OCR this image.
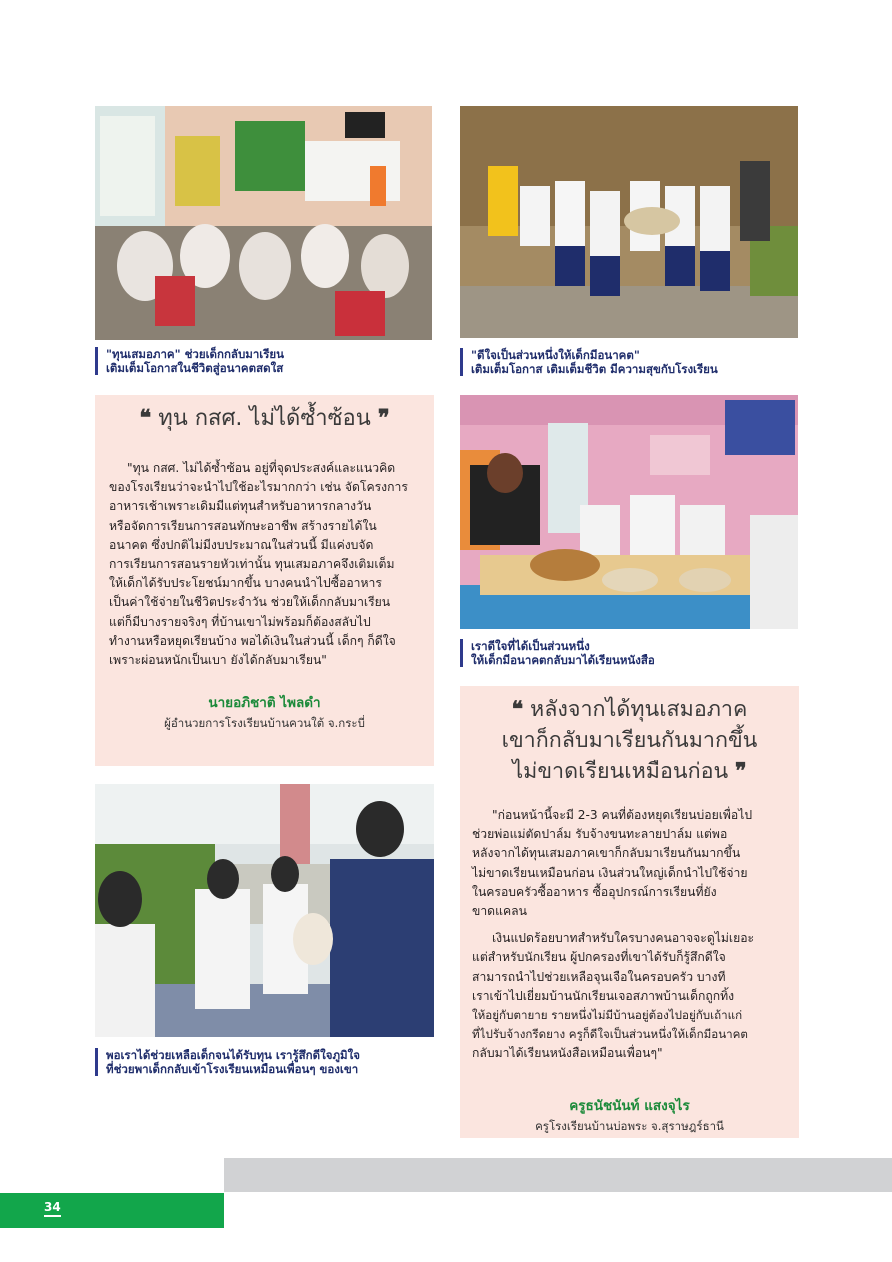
"ทุนเสมอภาค" ช่วยเด็กกลับมาเรียน
เติมเต็มโอกาสในชีวิตสู่อนาคตสดใส
"ดีใจเป็นส่วนหนึ่งให้เด็กมีอนาคต"
เติมเต็มโอกาส เติมเต็มชีวิต มีความสุขกับโรงเรียน
❝ ทุน กสศ. ไม่ได้ซ้ำซ้อน ❞
"ทุน กสศ. ไม่ได้ซ้ำซ้อน อยู่ที่จุดประสงค์และแนวคิด
ของโรงเรียนว่าจะนำไปใช้อะไรมากกว่า เช่น จัดโครงการ
อาหารเช้าเพราะเดิมมีแต่ทุนสำหรับอาหารกลางวัน
หรือจัดการเรียนการสอนทักษะอาชีพ สร้างรายได้ใน
อนาคต ซึ่งปกติไม่มีงบประมาณในส่วนนี้ มีแค่งบจัด
การเรียนการสอนรายหัวเท่านั้น ทุนเสมอภาคจึงเติมเต็ม
ให้เด็กได้รับประโยชน์มากขึ้น บางคนนำไปซื้ออาหาร
เป็นค่าใช้จ่ายในชีวิตประจำวัน ช่วยให้เด็กกลับมาเรียน
แต่ก็มีบางรายจริงๆ ที่บ้านเขาไม่พร้อมก็ต้องสลับไป
ทำงานหรือหยุดเรียนบ้าง พอได้เงินในส่วนนี้ เด็กๆ ก็ดีใจ
เพราะผ่อนหนักเป็นเบา ยังได้กลับมาเรียน"
นายอภิชาติ ไพลดำ
ผู้อำนวยการโรงเรียนบ้านควนใต้ จ.กระบี่
เราดีใจที่ได้เป็นส่วนหนึ่ง
ให้เด็กมีอนาคตกลับมาได้เรียนหนังสือ
❝ หลังจากได้ทุนเสมอภาค
เขาก็กลับมาเรียนกันมากขึ้น
ไม่ขาดเรียนเหมือนก่อน ❞
"ก่อนหน้านี้จะมี 2-3 คนที่ต้องหยุดเรียนบ่อยเพื่อไป
ช่วยพ่อแม่ตัดปาล์ม รับจ้างขนทะลายปาล์ม แต่พอ
หลังจากได้ทุนเสมอภาคเขาก็กลับมาเรียนกันมากขึ้น
ไม่ขาดเรียนเหมือนก่อน เงินส่วนใหญ่เด็กนำไปใช้จ่าย
ในครอบครัวซื้ออาหาร ซื้ออุปกรณ์การเรียนที่ยัง
ขาดแคลน
เงินแปดร้อยบาทสำหรับใครบางคนอาจจะดูไม่เยอะ
แต่สำหรับนักเรียน ผู้ปกครองที่เขาได้รับก็รู้สึกดีใจ
สามารถนำไปช่วยเหลือจุนเจือในครอบครัว บางที
เราเข้าไปเยี่ยมบ้านนักเรียนเจอสภาพบ้านเด็กถูกทิ้ง
ให้อยู่กับตายาย รายหนึ่งไม่มีบ้านอยู่ต้องไปอยู่กับเถ้าแก่
ที่ไปรับจ้างกรีดยาง ครูก็ดีใจเป็นส่วนหนึ่งให้เด็กมีอนาคต
กลับมาได้เรียนหนังสือเหมือนเพื่อนๆ"
ครูธนัชนันท์ แสงจุไร
ครูโรงเรียนบ้านบ่อพระ จ.สุราษฎร์ธานี
พอเราได้ช่วยเหลือเด็กจนได้รับทุน เรารู้สึกดีใจภูมิใจ
ที่ช่วยพาเด็กกลับเข้าโรงเรียนเหมือนเพื่อนๆ ของเขา
34
